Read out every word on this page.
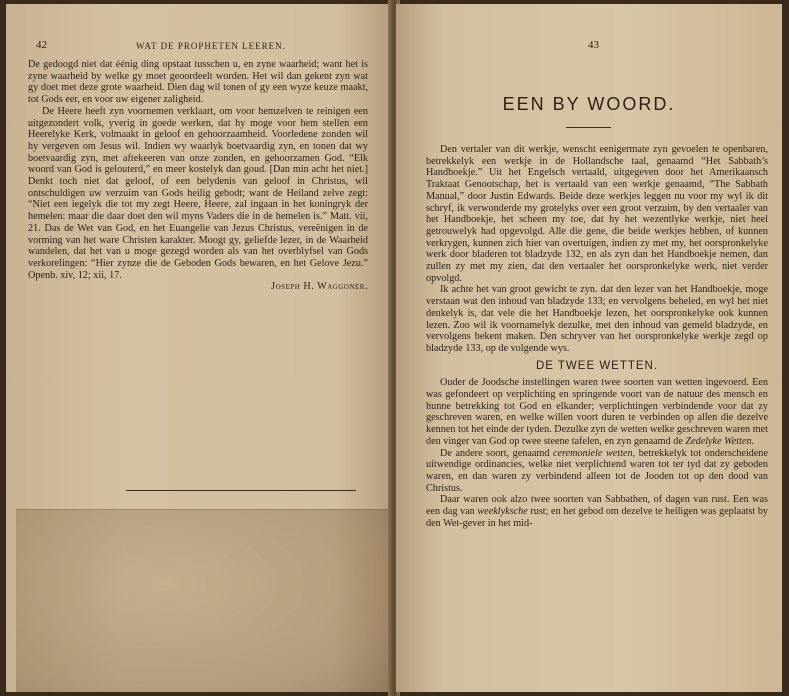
42	WAT DE PROPHETEN LEEREN.

De gedoogd niet dat éénig ding opstaat tusschen u, en zyne waarheid; want het is zyne waarheid by welke gy moet geoordeelt worden. Het wil dan gekent zyn wat gy doet met deze grote waarheid. Dien dag wil tonen of gy een wyze keuze maakt, tot Gods eer, en voor uw eigener zaligheid.

De Heere heeft zyn voornemen verklaart, om voor hemzelven te reinigen een uitgezondert volk, yverig in goede werken, dat hy moge voor hem stellen een Heerelyke Kerk, volmaakt in geloof en gehoorzaamheid. Voorledene zonden wil hy vergeven om Jesus wil. Indien wy waarlyk boetvaardig zyn, en tonen dat wy boetvaardig zyn, met aftekeeren van onze zonden, en gehoorzamen God. “Elk woord van God is gelouterd,” en meer kostelyk dan goud. [Dan min acht het niet.] Denkt toch niet dat geloof, of een belydenis van geloof in Christus, wil ontschuldigen uw verzuim van Gods heilig gebodt; want de Heiland zelve zegt: “Niet een iegelyk die tot my zegt Heere, Heere, zal ingaan in het koningryk der hemelen: maar die daar doet den wil myns Vaders die in de hemelen is.” Matt. vii, 21. Das de Wet van God, en het Euangelie van Jezus Christus, vereënigen in de vorming van het ware Christen karakter. Moogt gy, geliefde lezer, in de Waarheid wandelen, dat het van u moge gezegd worden als van het overblyfsel van Gods verkorelingen: “Hier zynze die de Geboden Gods bewaren, en het Gelove Jezu.” Openb. xiv, 12; xii, 17.

Joseph H. Waggoner.

43
EEN BY WOORD.

Den vertaler van dit werkje, wenscht eenigermate zyn gevoelen te openbaren, betrekkelyk een werkje in de Hollandsche taal, genaamd “Het Sabbath’s Handboekje.” Uit het Engelsch vertaald, uitgegeven door het Amerikaansch Traktaat Genootschap, het is vertaald van een werkje genaamd, “The Sabbath Manual,” door Justin Edwards. Beide deze werkjes leggen nu voor my wyl ik dit schryf, ik verwonderde my grotelyks over een groot verzuim, by den vertaaler van het Handboekje, het scheen my toe, dat hy het wezentlyke werkje, niet heel getrouwelyk had opgevolgd. Alle die gene, die beide werkjes hebben, of kunnen verkrygen, kunnen zich hier van overtuigen, indien zy met my, het oorspronkelyke werk door bladeren tot bladzyde 132, en als zyn dan het Handboekje nemen, dan zullen zy met my zien, dat den vertaaler het oorspronkelyke werk, niet verder opvolgd.

Ik achte het van groot gewicht te zyn. dat den lezer van het Handboekje, moge verstaan wat den inhoud van bladzyde 133; en vervolgens beheled, en wyl het niet denkelyk is, dat vele die het Handboekje lezen, het oorspronkelyke ook kunnen lezen. Zoo wil ik voornamelyk dezulke, met den inhoud van gemeld bladzyde, en vervolgens bekent maken. Den schryver van het oorspronkelyke werkje zegd op bladzyde 133, op de volgende wys.

DE TWEE WETTEN.

Ouder de Joodsche instellingen waren twee soorten van wetten ingevoerd. Een was gefondeert op verplichting en springende voort van de natuur des mensch en hunne betrekking tot God en elkander; verplichtingen verbindende voor dat zy geschreven waren, en welke willen voort duren te verbinden op allen die dezelve kennen tot het einde der tyden. Dezulke zyn de wetten welke geschreven waren met den vinger van God op twee steene tafelen, en zyn genaamd de Zedelyke Wetten.

De andere soort, genaamd ceremoniele wetten, betrekkelyk tot onderscheidene uitwendige ordinancies, welke niet verplichtend waren tot ter tyd dat zy geboden waren, en dan waren zy verbindend alleen tot de Jooden tot op den dood van Christus.

Daar waren ook alzo twee soorten van Sabbathen, of dagen van rust. Een was een dag van weeklyksche rust; en het gebod om dezelve te heiligen was geplaatst by den Wet-gever in het mid-
